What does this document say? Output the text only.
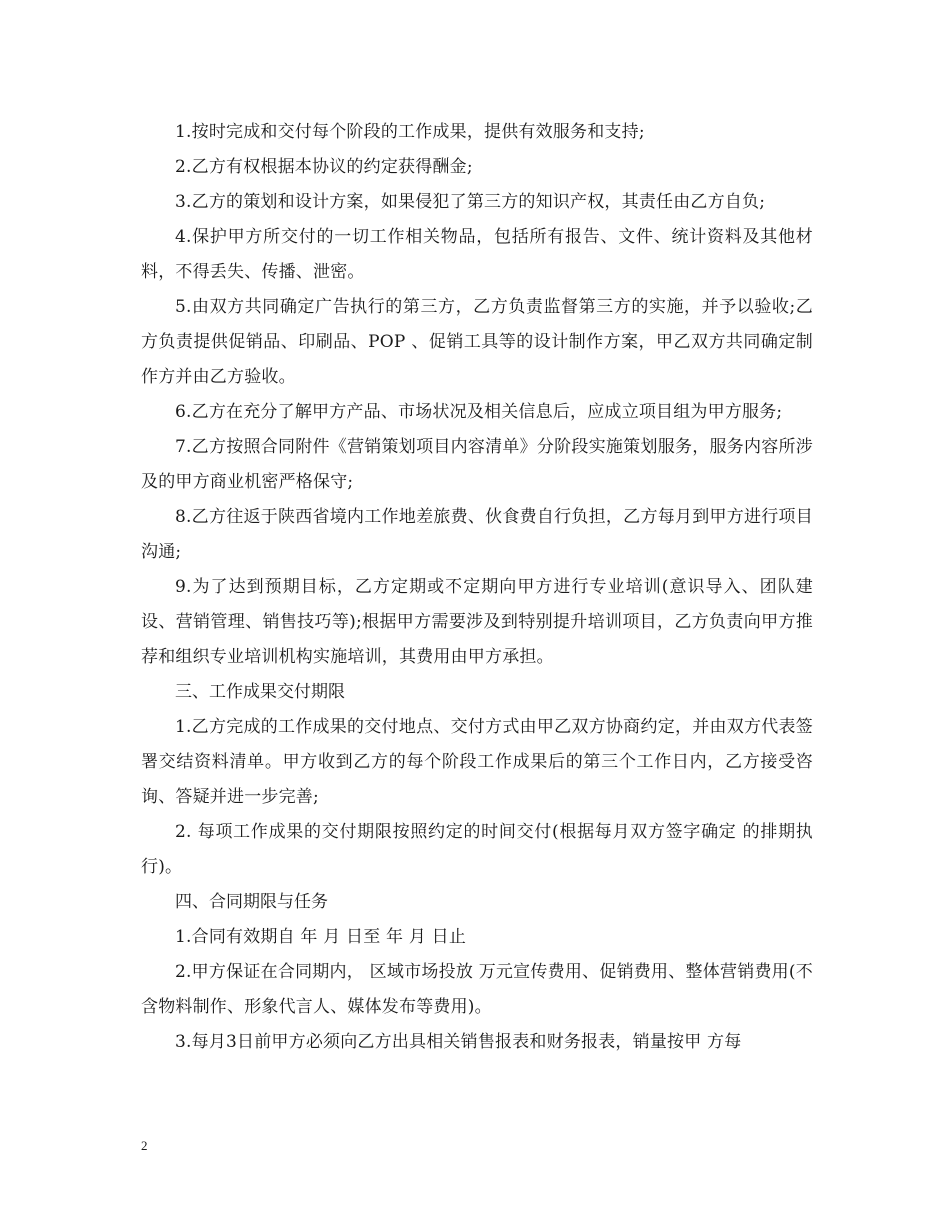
1.按时完成和交付每个阶段的工作成果，提供有效服务和支持;

2.乙方有权根据本协议的约定获得酬金;

3.乙方的策划和设计方案，如果侵犯了第三方的知识产权，其责任由乙方自负;

4.保护甲方所交付的一切工作相关物品，包括所有报告、文件、统计资料及其他材料，不得丢失、传播、泄密。

5.由双方共同确定广告执行的第三方，乙方负责监督第三方的实施，并予以验收;乙方负责提供促销品、印刷品、POP 、促销工具等的设计制作方案，甲乙双方共同确定制作方并由乙方验收。

6.乙方在充分了解甲方产品、市场状况及相关信息后，应成立项目组为甲方服务;

7.乙方按照合同附件《营销策划项目内容清单》分阶段实施策划服务，服务内容所涉及的甲方商业机密严格保守;

8.乙方往返于陕西省境内工作地差旅费、伙食费自行负担，乙方每月到甲方进行项目沟通;

9.为了达到预期目标，乙方定期或不定期向甲方进行专业培训(意识导入、团队建设、营销管理、销售技巧等);根据甲方需要涉及到特别提升培训项目，乙方负责向甲方推荐和组织专业培训机构实施培训，其费用由甲方承担。

三、工作成果交付期限

1.乙方完成的工作成果的交付地点、交付方式由甲乙双方协商约定，并由双方代表签署交结资料清单。甲方收到乙方的每个阶段工作成果后的第三个工作日内，乙方接受咨询、答疑并进一步完善;

2. 每项工作成果的交付期限按照约定的时间交付(根据每月双方签字确定 的排期执行)。

四、合同期限与任务

1.合同有效期自 年 月 日至 年 月 日止

2.甲方保证在合同期内， 区域市场投放 万元宣传费用、促销费用、整体营销费用(不含物料制作、形象代言人、媒体发布等费用)。

3.每月3日前甲方必须向乙方出具相关销售报表和财务报表，销量按甲 方每

2
